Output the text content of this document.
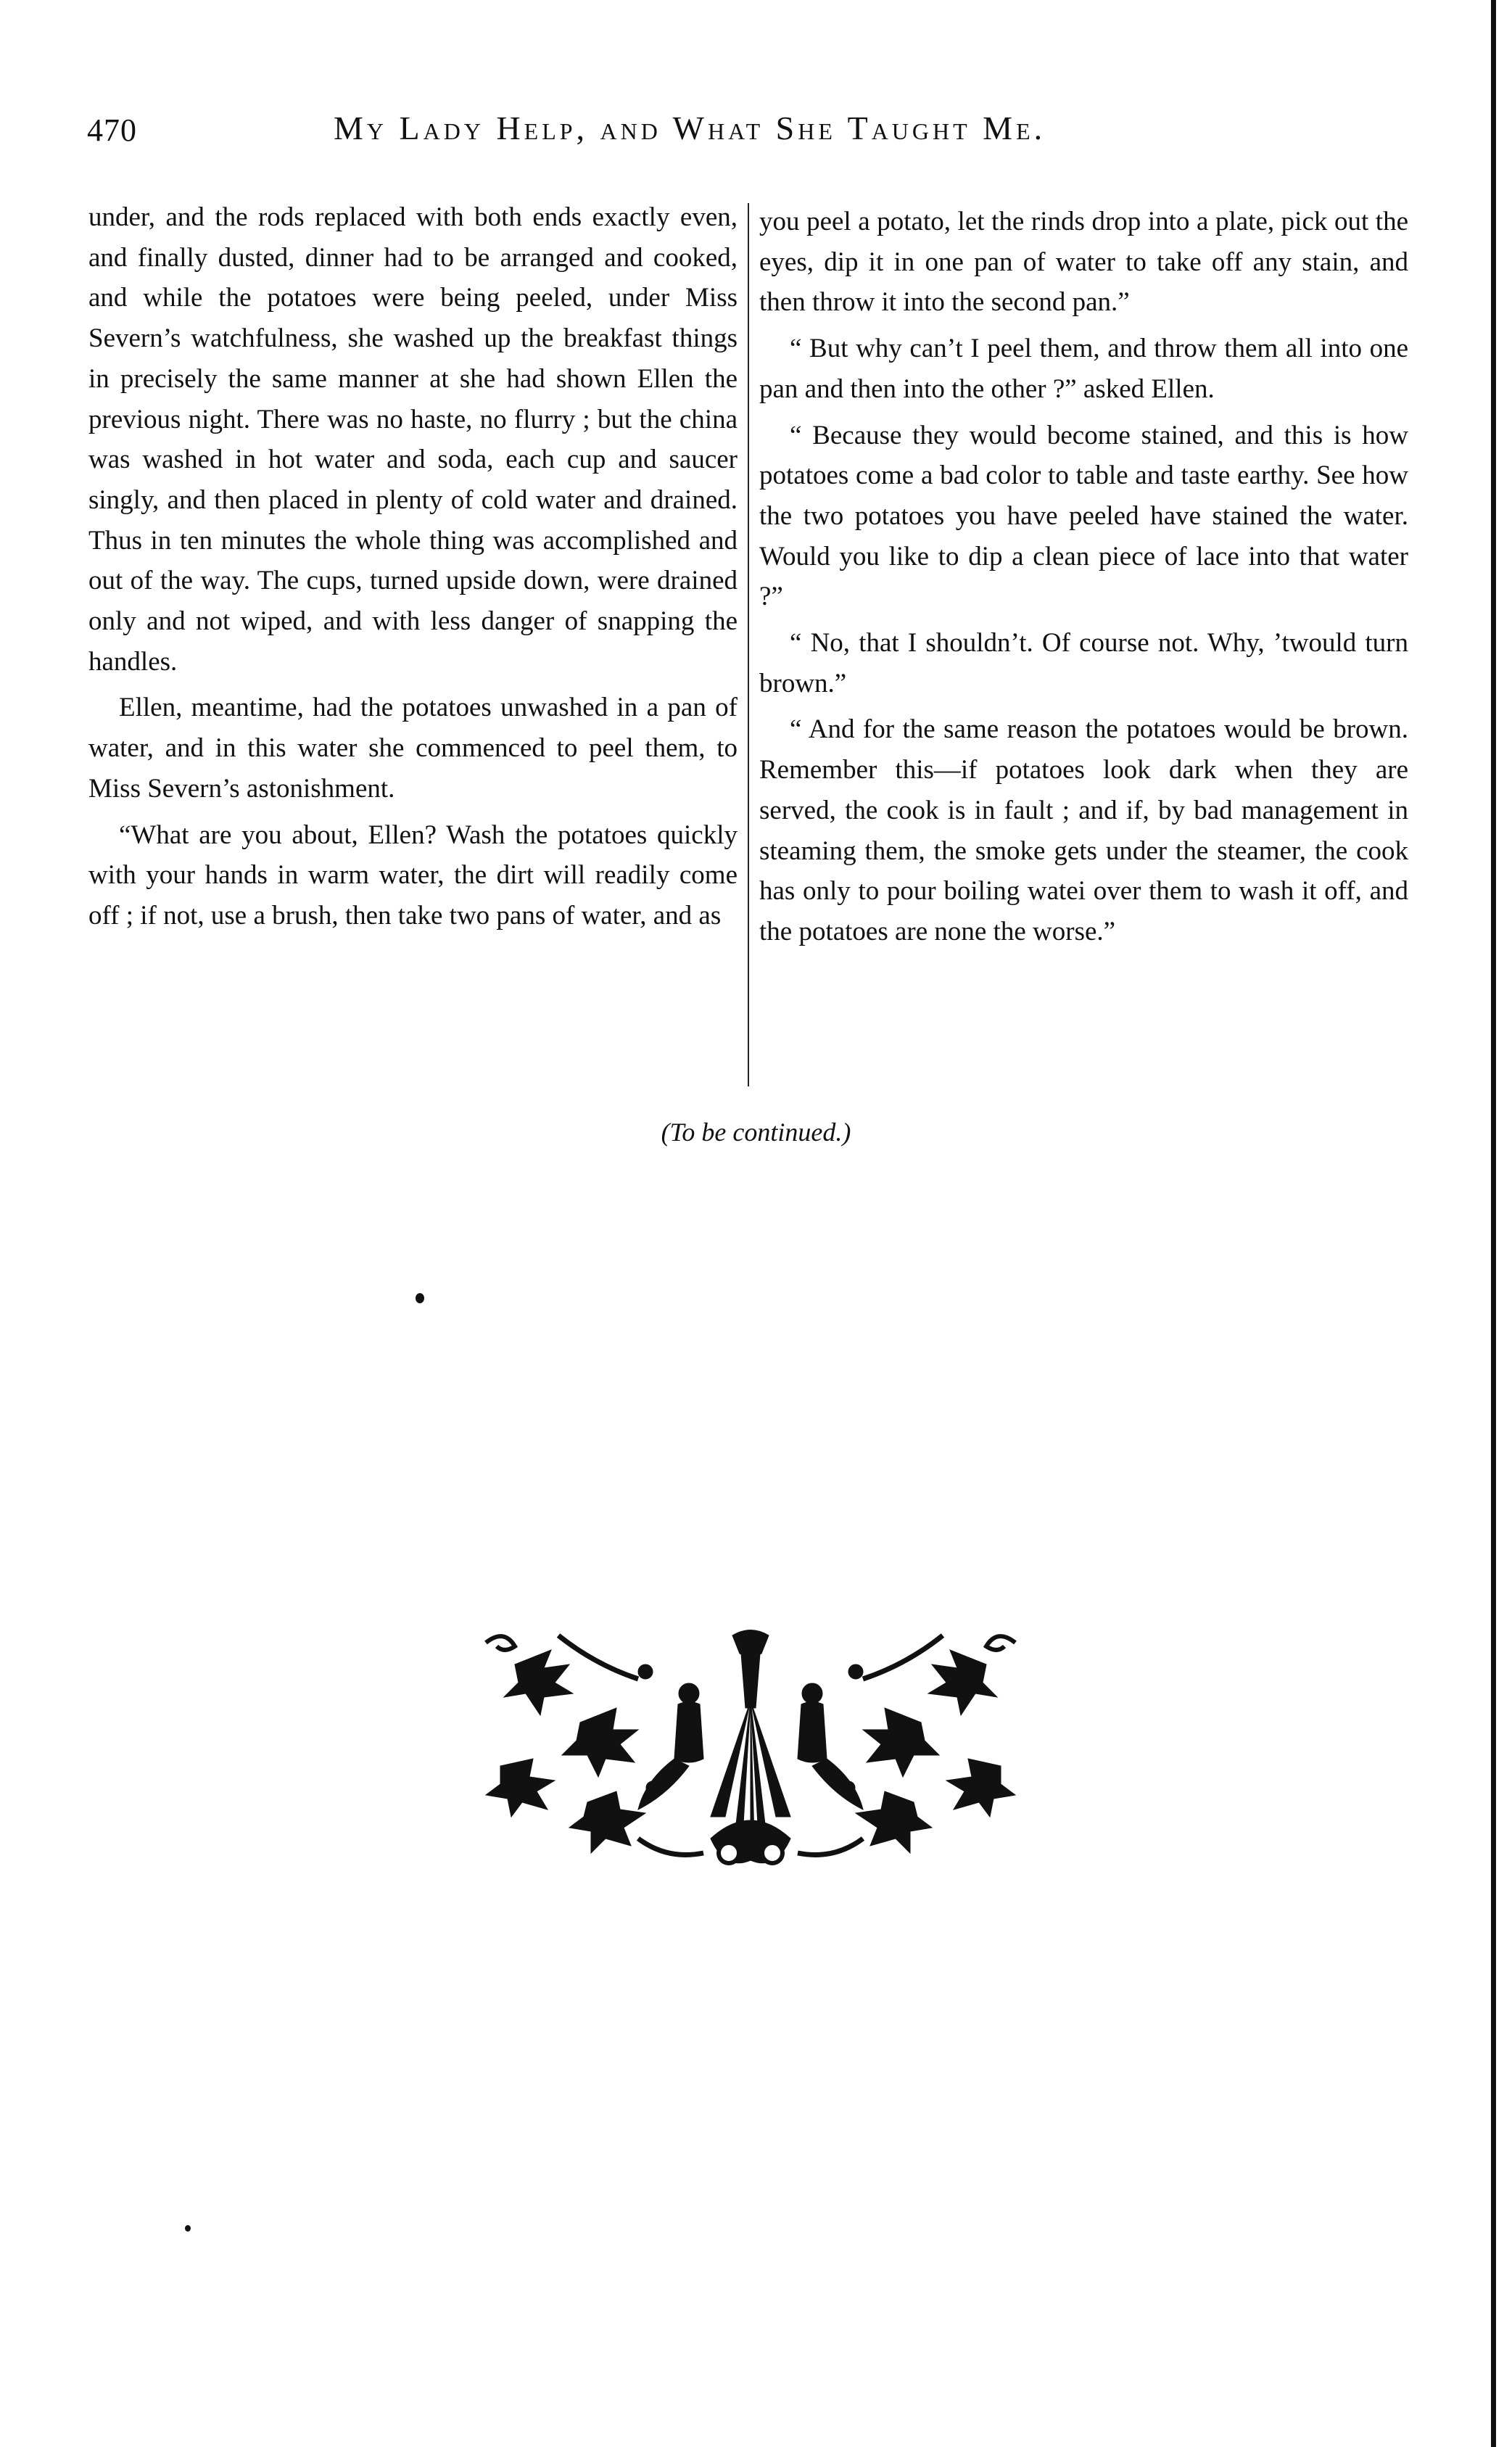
470	My Lady Help, and What She Taught Me.

under, and the rods replaced with both ends exactly even, and finally dusted, dinner had to be arranged and cooked, and while the potatoes were being peeled, under Miss Severn’s watchfulness, she washed up the breakfast things in precisely the same manner at she had shown Ellen the previous night. There was no haste, no flurry ; but the china was washed in hot water and soda, each cup and saucer singly, and then placed in plenty of cold water and drained. Thus in ten minutes the whole thing was accomplished and out of the way. The cups, turned upside down, were drained only and not wiped, and with less danger of snapping the handles.

Ellen, meantime, had the potatoes unwashed in a pan of water, and in this water she commenced to peel them, to Miss Severn’s astonishment.

“What are you about, Ellen? Wash the potatoes quickly with your hands in warm water, the dirt will readily come off ; if not, use a brush, then take two pans of water, and as

you peel a potato, let the rinds drop into a plate, pick out the eyes, dip it in one pan of water to take off any stain, and then throw it into the second pan.”

“ But why can’t I peel them, and throw them all into one pan and then into the other ?” asked Ellen.

“ Because they would become stained, and this is how potatoes come a bad color to table and taste earthy. See how the two potatoes you have peeled have stained the water. Would you like to dip a clean piece of lace into that water ?”

“ No, that I shouldn’t. Of course not. Why, ’twould turn brown.”

“ And for the same reason the potatoes would be brown. Remember this—if potatoes look dark when they are served, the cook is in fault ; and if, by bad management in steaming them, the smoke gets under the steamer, the cook has only to pour boiling watei over them to wash it off, and the potatoes are none the worse.”

(To be continued.)
